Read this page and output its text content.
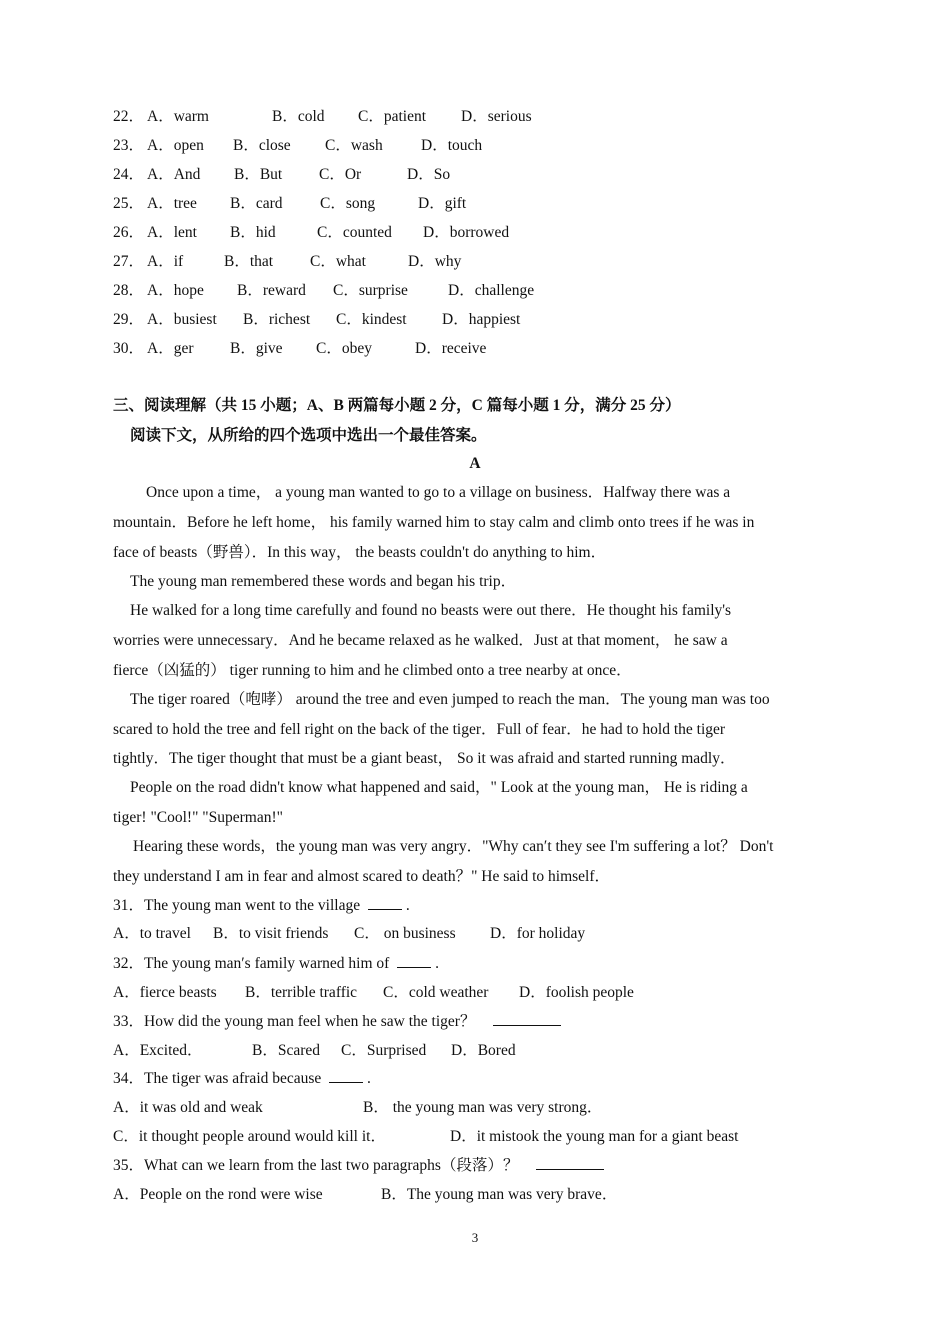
22． A．warm	B．cold C．patient D．serious
23． A．open B．close C．wash D．touch
24． A．And B．But C．Or	D．So
25． A．tree B．card C．song	D．gift
26． A．lent B．hid	C．counted D．borrowed
27． A．if	B．that C．what	D．why
28． A．hope B．reward C．surprise	D．challenge
29． A．busiest B．richest C．kindest D．happiest
30． A．ger B．give C．obey	D．receive
三、阅读理解（共 15 小题；A、B 两篇每小题 2 分，C 篇每小题 1 分，满分 25 分）
阅读下文，从所给的四个选项中选出一个最佳答案。
A
Once upon a time， a young man wanted to go to a village on business．Halfway there was a
mountain．Before he left home， his family warned him to stay calm and climb onto trees if he was in
face of beasts（野兽）．In this way， the beasts couldn't do anything to him．
The young man remembered these words and began his trip．
He walked for a long time carefully and found no beasts were out there．He thought his family's
worries were unnecessary．And he became relaxed as he walked．Just at that moment， he saw a
fierce（凶猛的） tiger running to him and he climbed onto a tree nearby at once．
The tiger roared（咆哮） around the tree and even jumped to reach the man．The young man was too
scared to hold the tree and fell right on the back of the tiger．Full of fear．he had to hold the tiger
tightly．The tiger thought that must be a giant beast， So it was afraid and started running madly．
People on the road didn't know what happened and said，" Look at the young man， He is riding a
tiger! "Cool!" "Superman!"
Hearing these words，the young man was very angry．"Why can′t they see I'm suffering a lot？ Don't
they understand I am in fear and almost scared to death？" He said to himself．
31．The young man went to the village	.
A．to travel B．to visit friends C． on business D．for holiday
32．The young man′s family warned him of	.
A．fierce beasts B．terrible traffic C．cold weather D．foolish people
33．How did the young man feel when he saw the tiger？
A．Excited．	B．Scared C．Surprised D．Bored
34．The tiger was afraid because	.
A．it was old and weak	B． the young man was very strong．
C．it thought people around would kill it．	D．it mistook the young man for a giant beast
35．What can we learn from the last two paragraphs（段落）？
A．People on the rond were wise	B．The young man was very brave．
3
